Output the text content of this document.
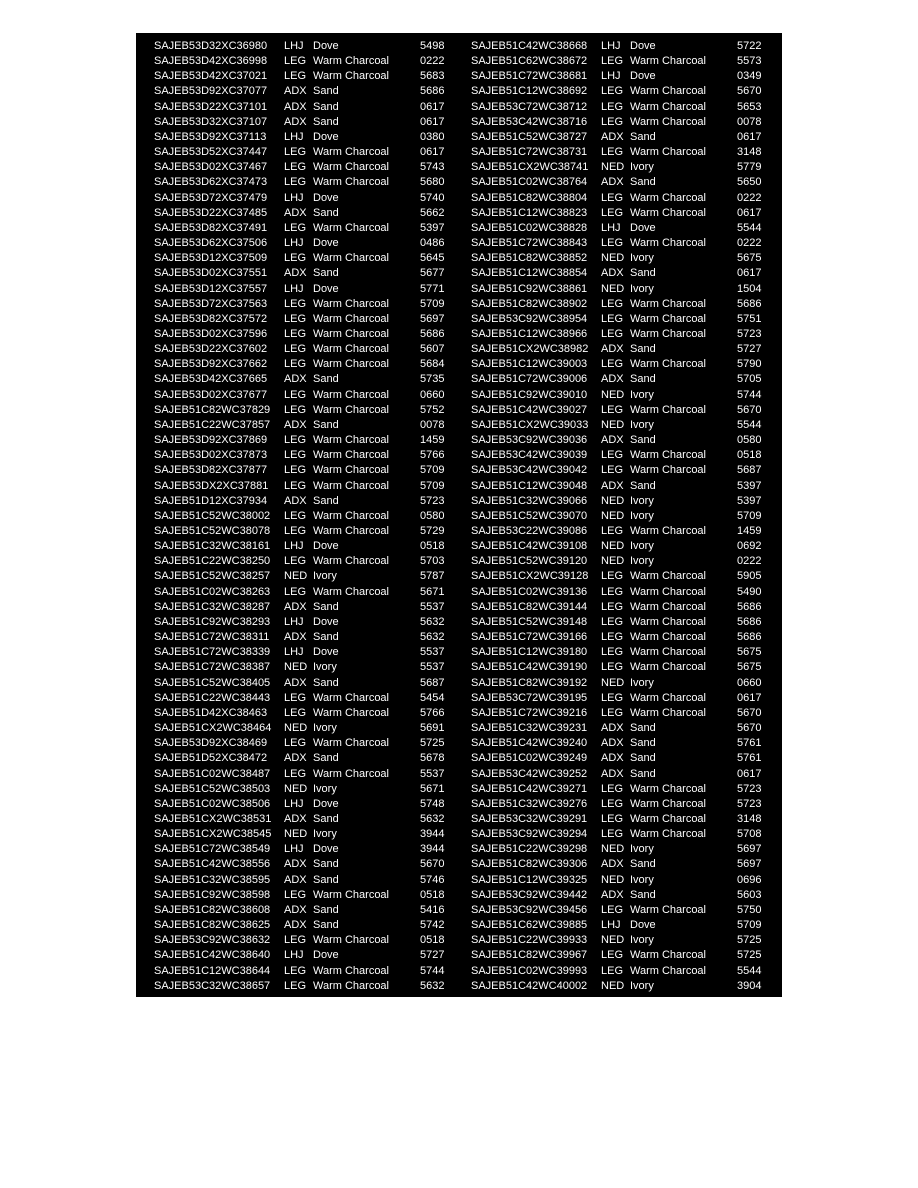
SAJEB53D32XC36980 LHJ Dove	5498
SAJEB53D42XC36998 LEG Warm Charcoal	0222
SAJEB53D42XC37021 LEG Warm Charcoal	5683
SAJEB53D92XC37077 ADX Sand	5686
SAJEB53D22XC37101 ADX Sand	0617
SAJEB53D32XC37107 ADX Sand	0617
SAJEB53D92XC37113 LHJ Dove	0380
SAJEB53D52XC37447 LEG Warm Charcoal	0617
SAJEB53D02XC37467 LEG Warm Charcoal	5743
SAJEB53D62XC37473 LEG Warm Charcoal	5680
SAJEB53D72XC37479 LHJ Dove	5740
SAJEB53D22XC37485 ADX Sand	5662
SAJEB53D82XC37491 LEG Warm Charcoal	5397
SAJEB53D62XC37506 LHJ Dove	0486
SAJEB53D12XC37509 LEG Warm Charcoal	5645
SAJEB53D02XC37551 ADX Sand	5677
SAJEB53D12XC37557 LHJ Dove	5771
SAJEB53D72XC37563 LEG Warm Charcoal	5709
SAJEB53D82XC37572 LEG Warm Charcoal	5697
SAJEB53D02XC37596 LEG Warm Charcoal	5686
SAJEB53D22XC37602 LEG Warm Charcoal	5607
SAJEB53D92XC37662 LEG Warm Charcoal	5684
SAJEB53D42XC37665 ADX Sand	5735
SAJEB53D02XC37677 LEG Warm Charcoal	0660
SAJEB51C82WC37829 LEG Warm Charcoal	5752
SAJEB51C22WC37857 ADX Sand	0078
SAJEB53D92XC37869 LEG Warm Charcoal	1459
SAJEB53D02XC37873 LEG Warm Charcoal	5766
SAJEB53D82XC37877 LEG Warm Charcoal	5709
SAJEB53DX2XC37881 LEG Warm Charcoal	5709
SAJEB51D12XC37934 ADX Sand	5723
SAJEB51C52WC38002 LEG Warm Charcoal	0580
SAJEB51C52WC38078 LEG Warm Charcoal	5729
SAJEB51C32WC38161 LHJ Dove	0518
SAJEB51C22WC38250 LEG Warm Charcoal	5703
SAJEB51C52WC38257 NED Ivory	5787
SAJEB51C02WC38263 LEG Warm Charcoal	5671
SAJEB51C32WC38287 ADX Sand	5537
SAJEB51C92WC38293 LHJ Dove	5632
SAJEB51C72WC38311 ADX Sand	5632
SAJEB51C72WC38339 LHJ Dove	5537
SAJEB51C72WC38387 NED Ivory	5537
SAJEB51C52WC38405 ADX Sand	5687
SAJEB51C22WC38443 LEG Warm Charcoal	5454
SAJEB51D42XC38463 LEG Warm Charcoal	5766
SAJEB51CX2WC38464 NED Ivory	5691
SAJEB53D92XC38469 LEG Warm Charcoal	5725
SAJEB51D52XC38472 ADX Sand	5678
SAJEB51C02WC38487 LEG Warm Charcoal	5537
SAJEB51C52WC38503 NED Ivory	5671
SAJEB51C02WC38506 LHJ Dove	5748
SAJEB51CX2WC38531 ADX Sand	5632
SAJEB51CX2WC38545 NED Ivory	3944
SAJEB51C72WC38549 LHJ Dove	3944
SAJEB51C42WC38556 ADX Sand	5670
SAJEB51C32WC38595 ADX Sand	5746
SAJEB51C92WC38598 LEG Warm Charcoal	0518
SAJEB51C82WC38608 ADX Sand	5416
SAJEB51C82WC38625 ADX Sand	5742
SAJEB53C92WC38632 LEG Warm Charcoal	0518
SAJEB51C42WC38640 LHJ Dove	5727
SAJEB51C12WC38644 LEG Warm Charcoal	5744
SAJEB53C32WC38657 LEG Warm Charcoal	5632
SAJEB51C42WC38668 LHJ Dove	5722
SAJEB51C62WC38672 LEG Warm Charcoal	5573
SAJEB51C72WC38681 LHJ Dove	0349
SAJEB51C12WC38692 LEG Warm Charcoal	5670
SAJEB53C72WC38712 LEG Warm Charcoal	5653
SAJEB53C42WC38716 LEG Warm Charcoal	0078
SAJEB51C52WC38727 ADX Sand	0617
SAJEB51C72WC38731 LEG Warm Charcoal	3148
SAJEB51CX2WC38741 NED Ivory	5779
SAJEB51C02WC38764 ADX Sand	5650
SAJEB51C82WC38804 LEG Warm Charcoal	0222
SAJEB51C12WC38823 LEG Warm Charcoal	0617
SAJEB51C02WC38828 LHJ Dove	5544
SAJEB51C72WC38843 LEG Warm Charcoal	0222
SAJEB51C82WC38852 NED Ivory	5675
SAJEB51C12WC38854 ADX Sand	0617
SAJEB51C92WC38861 NED Ivory	1504
SAJEB51C82WC38902 LEG Warm Charcoal	5686
SAJEB53C92WC38954 LEG Warm Charcoal	5751
SAJEB51C12WC38966 LEG Warm Charcoal	5723
SAJEB51CX2WC38982 ADX Sand	5727
SAJEB51C12WC39003 LEG Warm Charcoal	5790
SAJEB51C72WC39006 ADX Sand	5705
SAJEB51C92WC39010 NED Ivory	5744
SAJEB51C42WC39027 LEG Warm Charcoal	5670
SAJEB51CX2WC39033 NED Ivory	5544
SAJEB53C92WC39036 ADX Sand	0580
SAJEB53C42WC39039 LEG Warm Charcoal	0518
SAJEB53C42WC39042 LEG Warm Charcoal	5687
SAJEB51C12WC39048 ADX Sand	5397
SAJEB51C32WC39066 NED Ivory	5397
SAJEB51C52WC39070 NED Ivory	5709
SAJEB53C22WC39086 LEG Warm Charcoal	1459
SAJEB51C42WC39108 NED Ivory	0692
SAJEB51C52WC39120 NED Ivory	0222
SAJEB51CX2WC39128 LEG Warm Charcoal	5905
SAJEB51C02WC39136 LEG Warm Charcoal	5490
SAJEB51C82WC39144 LEG Warm Charcoal	5686
SAJEB51C52WC39148 LEG Warm Charcoal	5686
SAJEB51C72WC39166 LEG Warm Charcoal	5686
SAJEB51C12WC39180 LEG Warm Charcoal	5675
SAJEB51C42WC39190 LEG Warm Charcoal	5675
SAJEB51C82WC39192 NED Ivory	0660
SAJEB53C72WC39195 LEG Warm Charcoal	0617
SAJEB51C72WC39216 LEG Warm Charcoal	5670
SAJEB51C32WC39231 ADX Sand	5670
SAJEB51C42WC39240 ADX Sand	5761
SAJEB51C02WC39249 ADX Sand	5761
SAJEB53C42WC39252 ADX Sand	0617
SAJEB51C42WC39271 LEG Warm Charcoal	5723
SAJEB51C32WC39276 LEG Warm Charcoal	5723
SAJEB53C32WC39291 LEG Warm Charcoal	3148
SAJEB53C92WC39294 LEG Warm Charcoal	5708
SAJEB51C22WC39298 NED Ivory	5697
SAJEB51C82WC39306 ADX Sand	5697
SAJEB51C12WC39325 NED Ivory	0696
SAJEB53C92WC39442 ADX Sand	5603
SAJEB53C92WC39456 LEG Warm Charcoal	5750
SAJEB51C62WC39885 LHJ Dove	5709
SAJEB51C22WC39933 NED Ivory	5725
SAJEB51C82WC39967 LEG Warm Charcoal	5725
SAJEB51C02WC39993 LEG Warm Charcoal	5544
SAJEB51C42WC40002 NED Ivory	3904
